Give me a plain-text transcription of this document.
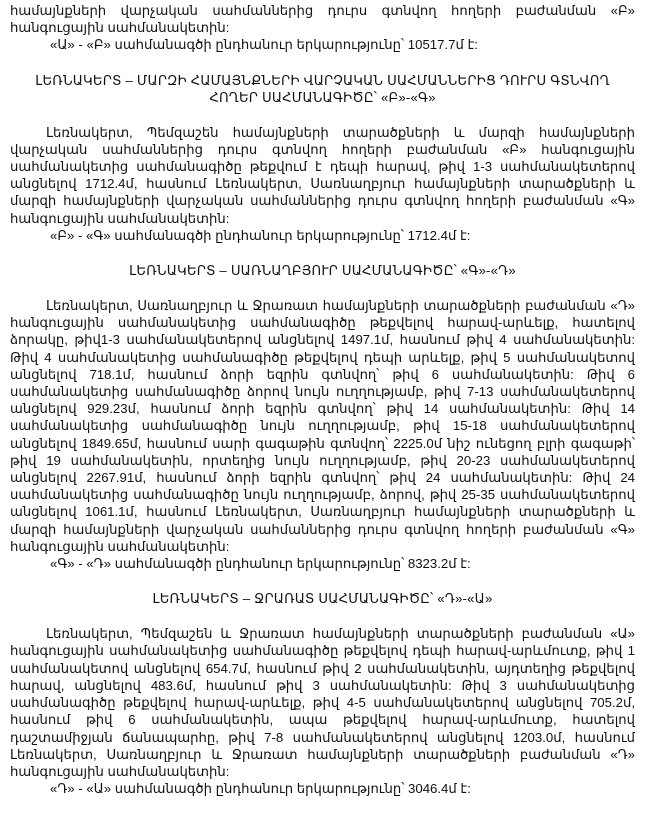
համայնքների վարչական սահմաններից դուրս գտնվող հողերի բաժանման «Բ» հանգուցային սահմանակետին:

«Ա» - «Բ» սահմանագծի ընդհանուր երկարությունը՝ 10517.7մ է:

ԼԵՌՆԱԿԵՐՏ – ՄԱՐԶԻ ՀԱՄԱՅՆՔՆԵՐԻ ՎԱՐՉԱԿԱՆ ՍԱՀՄԱՆՆԵՐԻՑ ԴՈՒՐՍ ԳՏՆՎՈՂ ՀՈՂԵՐ ՍԱՀՄԱՆԱԳԻԾԸ՝ «Բ»-«Գ»

Լեռնակերտ, Պեմզաշեն համայնքների տարածքների և մարզի համայնքների վարչական սահմաններից դուրս գտնվող հողերի բաժանման «Բ» հանգուցային սահմանակետից սահմանագիծը թեքվում է դեպի հարավ, թիվ 1-3 սահմանակետերով անցնելով 1712.4մ, հասնում Լեռնակերտ, Սառնաղբյուր համայնքների տարածքների և մարզի համայնքների վարչական սահմաններից դուրս գտնվող հողերի բաժանման «Գ» հանգուցային սահմանակետին:

«Բ» - «Գ» սահմանագծի ընդհանուր երկարությունը՝ 1712.4մ է:

ԼԵՌՆԱԿԵՐՏ – ՍԱՌՆԱՂԲՅՈՒՐ ՍԱՀՄԱՆԱԳԻԾԸ՝ «Գ»-«Դ»

Լեռնակերտ, Սառնաղբյուր և Ջրառատ համայնքների տարածքների բաժանման «Դ» հանգուցային սահմանակետից սահմանագիծը թեքվելով հարավ-արևելք, հատելով ձորակը, թիվ1-3 սահմանակետերով անցնելով 1497.1մ, հասնում թիվ 4 սահմանակետին: Թիվ 4 սահմանակետից սահմանագիծը թեքվելով դեպի արևելք, թիվ 5 սահմանակետով անցնելով 718.1մ, հասնում ձորի եզրին գտնվող՝ թիվ 6 սահմանակետին: Թիվ 6 սահմանակետից սահմանագիծը ձորով նույն ուղղությամբ, թիվ 7-13 սահմանակետերով անցնելով 929.23մ, հասնում ձորի եզրին գտնվող՝ թիվ 14 սահմանակետին: Թիվ 14 սահմանակետից սահմանագիծը նույն ուղղությամբ, թիվ 15-18 սահմանակետերով անցնելով 1849.65մ, հասնում սարի գագաթին գտնվող՝ 2225.0մ նիշ ունեցող բլրի գագաթի՝ թիվ 19 սահմանակետին, որտեղից նույն ուղղությամբ, թիվ 20-23 սահմանակետերով անցնելով 2267.91մ, հասնում ձորի եզրին գտնվող՝ թիվ 24 սահմանակետին: Թիվ 24 սահմանակետից սահմանագիծը նույն ուղղությամբ, ձորով, թիվ 25-35 սահմանակետերով անցնելով 1061.1մ, հասնում Լեռնակերտ, Սառնաղբյուր համայնքների տարածքների և մարզի համայնքների վարչական սահմաններից դուրս գտնվող հողերի բաժանման «Գ» հանգուցային սահմանակետին:

«Գ» - «Դ» սահմանագծի ընդհանուր երկարությունը՝ 8323.2մ է:

ԼԵՌՆԱԿԵՐՏ – ՋՐԱՌԱՏ ՍԱՀՄԱՆԱԳԻԾԸ՝ «Դ»-«Ա»

Լեռնակերտ, Պեմզաշեն և Ջրառատ համայնքների տարածքների բաժանման «Ա» հանգուցային սահմանակետից սահմանագիծը թեքվելով դեպի հարավ-արևմուտք, թիվ 1 սահմանակետով անցնելով 654.7մ, հասնում թիվ 2 սահմանակետին, այդտեղից թեքվելով հարավ, անցնելով 483.6մ, հասնում թիվ 3 սահմանակետին: Թիվ 3 սահմանակետից սահմանագիծը թեքվելով հարավ-արևելք, թիվ 4-5 սահմանակետերով անցնելով 705.2մ, հասնում թիվ 6 սահմանակետին, ապա թեքվելով հարավ-արևմուտք, հատելով դաշտամիջյան ճանապարհը, թիվ 7-8 սահմանակետերով անցնելով 1203.0մ, հասնում Լեռնակերտ, Սառնաղբյուր և Ջրառատ համայնքների տարածքների բաժանման «Դ» հանգուցային սահմանակետին:

«Դ» - «Ա» սահմանագծի ընդհանուր երկարությունը՝ 3046.4մ է:
